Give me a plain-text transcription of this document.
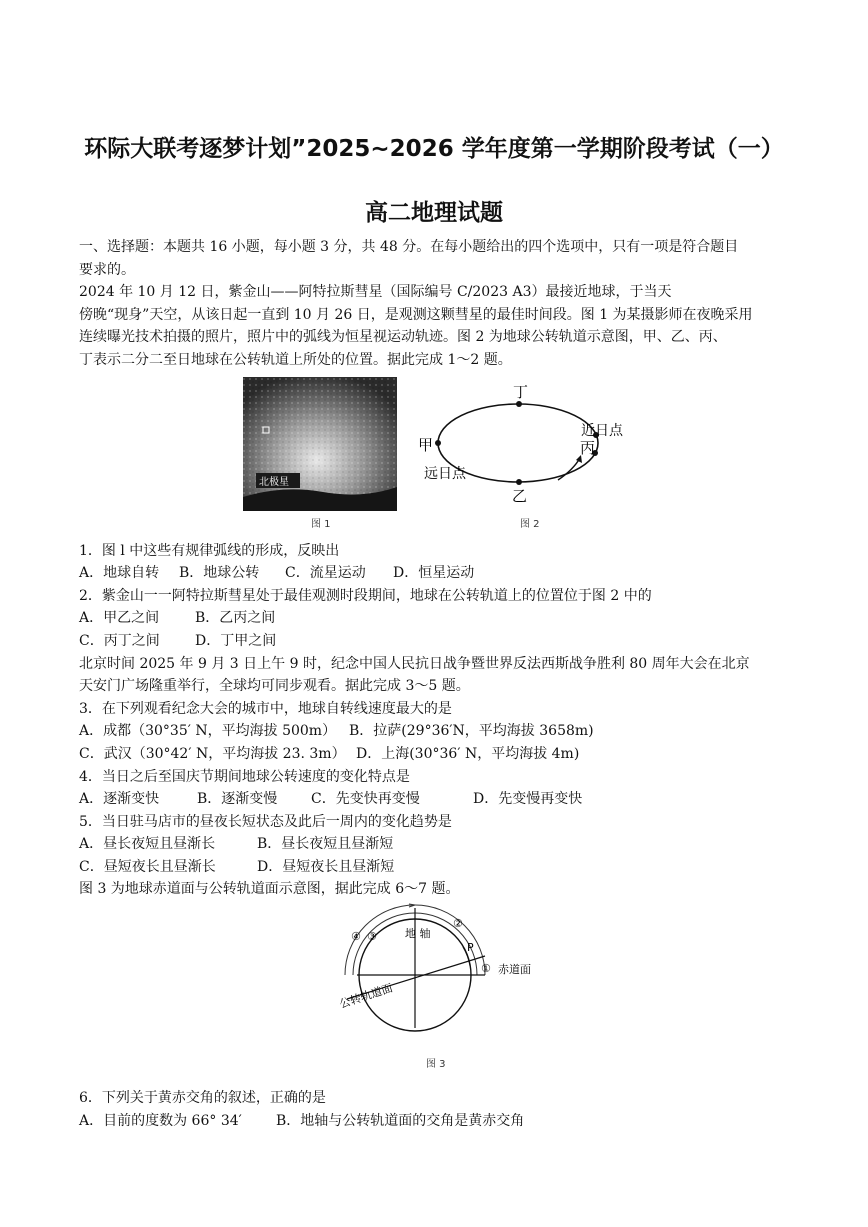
环际大联考逐梦计划”2025~2026 学年度第一学期阶段考试（一）
高二地理试题

一、选择题：本题共 16 小题，每小题 3 分，共 48 分。在每小题给出的四个选项中，只有一项是符合题目

要求的。

2024 年 10 月 12 日，紫金山——阿特拉斯彗星（国际编号 C/2023 A3）最接近地球，于当天

傍晚“现身”天空，从该日起一直到 10 月 26 日，是观测这颗彗星的最佳时间段。图 1 为某摄影师在夜晚采用

连续曝光技术拍摄的照片，照片中的弧线为恒星视运动轨迹。图 2 为地球公转轨道示意图，甲、乙、丙、

丁表示二分二至日地球在公转轨道上所处的位置。据此完成 1～2 题。

1．图 l 中这些有规律弧线的形成，反映出

A．地球自转 B．地球公转 C．流星运动 D．恒星运动

2．紫金山一一阿特拉斯彗星处于最佳观测时段期间，地球在公转轨道上的位置位于图 2 中的

A．甲乙之间	B．乙丙之间

C．丙丁之间	D．丁甲之间

北京时间 2025 年 9 月 3 日上午 9 时，纪念中国人民抗日战争暨世界反法西斯战争胜利 80 周年大会在北京

天安门广场隆重举行，全球均可同步观看。据此完成 3～5 题。

3．在下列观看纪念大会的城市中，地球自转线速度最大的是

A．成都（30°35′ N，平均海拔 500m） B．拉萨(29°36′N，平均海拔 3658m)

C．武汉（30°42′ N，平均海拔 23. 3m） D．上海(30°36′ N，平均海拔 4m)

4．当日之后至国庆节期间地球公转速度的变化特点是

A．逐渐变快	B．逐渐变慢 C．先变快再变慢	D．先变慢再变快

5．当日驻马店市的昼夜长短状态及此后一周内的变化趋势是

A．昼长夜短且昼渐长	B．昼长夜短且昼渐短

C．昼短夜长且昼渐长	D．昼短夜长且昼渐短

图 3 为地球赤道面与公转轨道面示意图，据此完成 6～7 题。

6．下列关于黄赤交角的叙述，正确的是

A．目前的度数为 66° 34′ B．地轴与公转轨道面的交角是黄赤交角

北极星
图 1
丁
甲
乙
丙
近日点
远日点
图 2
地 轴
赤道面
公转轨道面
P
①
②
③
④
图 3
